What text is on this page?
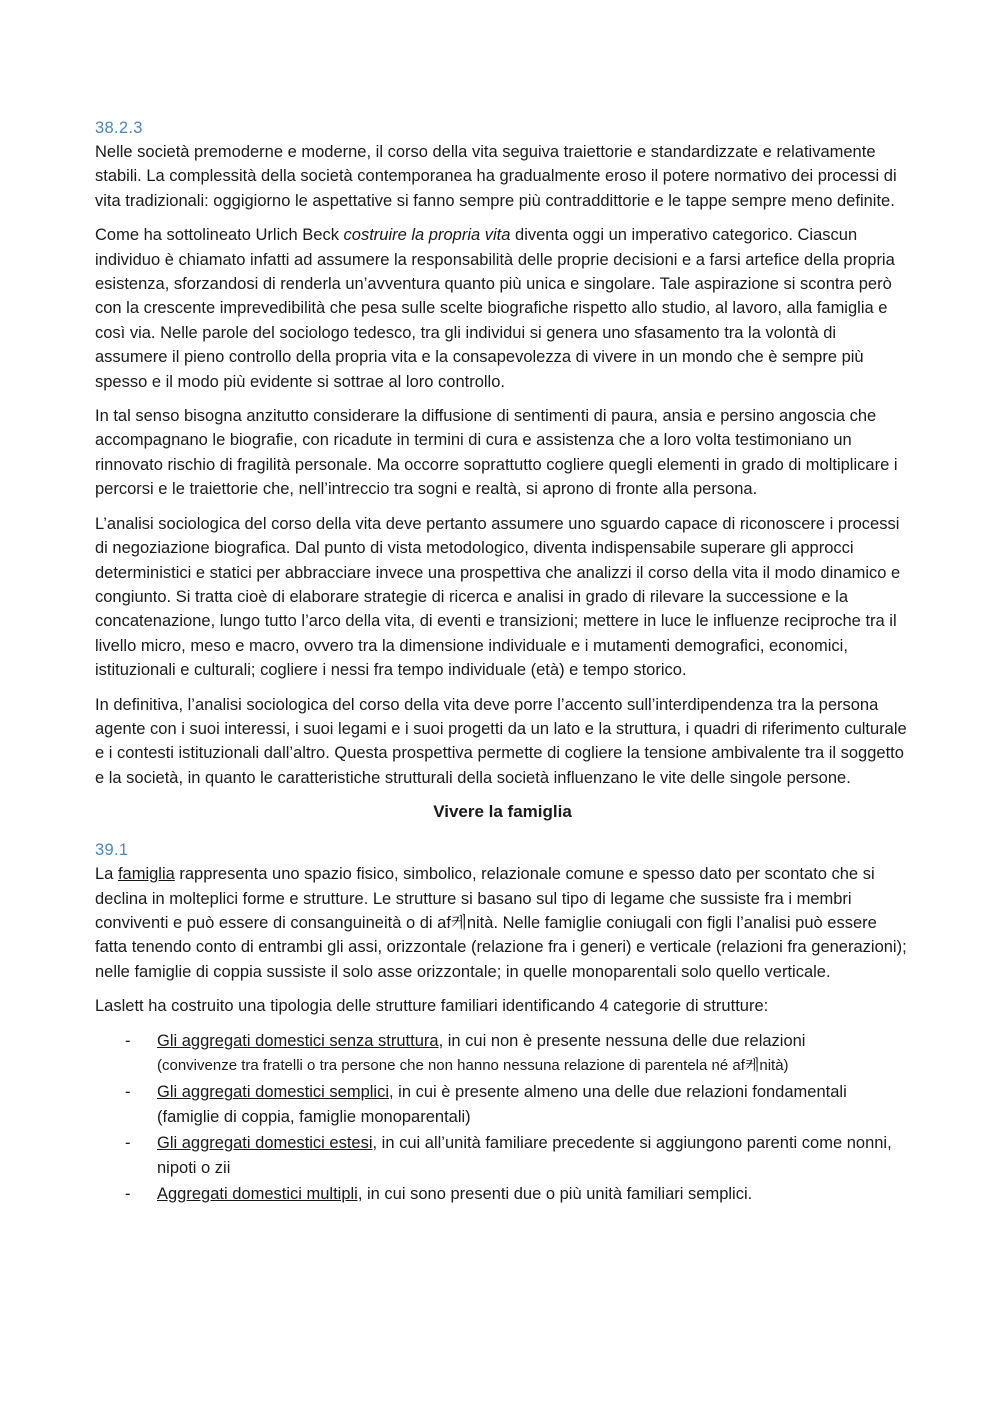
38.2.3

Nelle società premoderne e moderne, il corso della vita seguiva traiettorie e standardizzate e relativamente stabili. La complessità della società contemporanea ha gradualmente eroso il potere normativo dei processi di vita tradizionali: oggigiorno le aspettative si fanno sempre più contraddittorie e le tappe sempre meno definite.

Come ha sottolineato Urlich Beck costruire la propria vita diventa oggi un imperativo categorico. Ciascun individuo è chiamato infatti ad assumere la responsabilità delle proprie decisioni e a farsi artefice della propria esistenza, sforzandosi di renderla un’avventura quanto più unica e singolare. Tale aspirazione si scontra però con la crescente imprevedibilità che pesa sulle scelte biografiche rispetto allo studio, al lavoro, alla famiglia e così via. Nelle parole del sociologo tedesco, tra gli individui si genera uno sfasamento tra la volontà di assumere il pieno controllo della propria vita e la consapevolezza di vivere in un mondo che è sempre più spesso e il modo più evidente si sottrae al loro controllo.

In tal senso bisogna anzitutto considerare la diffusione di sentimenti di paura, ansia e persino angoscia che accompagnano le biografie, con ricadute in termini di cura e assistenza che a loro volta testimoniano un rinnovato rischio di fragilità personale. Ma occorre soprattutto cogliere quegli elementi in grado di moltiplicare i percorsi e le traiettorie che, nell’intreccio tra sogni e realtà, si aprono di fronte alla persona.

L’analisi sociologica del corso della vita deve pertanto assumere uno sguardo capace di riconoscere i processi di negoziazione biografica. Dal punto di vista metodologico, diventa indispensabile superare gli approcci deterministici e statici per abbracciare invece una prospettiva che analizzi il corso della vita il modo dinamico e congiunto. Si tratta cioè di elaborare strategie di ricerca e analisi in grado di rilevare la successione e la concatenazione, lungo tutto l’arco della vita, di eventi e transizioni; mettere in luce le influenze reciproche tra il livello micro, meso e macro, ovvero tra la dimensione individuale e i mutamenti demografici, economici, istituzionali e culturali; cogliere i nessi fra tempo individuale (età) e tempo storico.

In definitiva, l’analisi sociologica del corso della vita deve porre l’accento sull’interdipendenza tra la persona agente con i suoi interessi, i suoi legami e i suoi progetti da un lato e la struttura, i quadri di riferimento culturale e i contesti istituzionali dall’altro. Questa prospettiva permette di cogliere la tensione ambivalente tra il soggetto e la società, in quanto le caratteristiche strutturali della società influenzano le vite delle singole persone.

Vivere la famiglia
39.1

La famiglia rappresenta uno spazio fisico, simbolico, relazionale comune e spesso dato per scontato che si declina in molteplici forme e strutture. Le strutture si basano sul tipo di legame che sussiste fra i membri conviventi e può essere di consanguineità o di af케nità. Nelle famiglie coniugali con figli l’analisi può essere fatta tenendo conto di entrambi gli assi, orizzontale (relazione fra i generi) e verticale (relazioni fra generazioni); nelle famiglie di coppia sussiste il solo asse orizzontale; in quelle monoparentali solo quello verticale.

Laslett ha costruito una tipologia delle strutture familiari identificando 4 categorie di strutture:

- Gli aggregati domestici senza struttura, in cui non è presente nessuna delle due relazioni
(convivenze tra fratelli o tra persone che non hanno nessuna relazione di parentela né af케nità)
- Gli aggregati domestici semplici, in cui è presente almeno una delle due relazioni fondamentali (famiglie di coppia, famiglie monoparentali)
- Gli aggregati domestici estesi, in cui all’unità familiare precedente si aggiungono parenti come nonni, nipoti o zii
- Aggregati domestici multipli, in cui sono presenti due o più unità familiari semplici.
